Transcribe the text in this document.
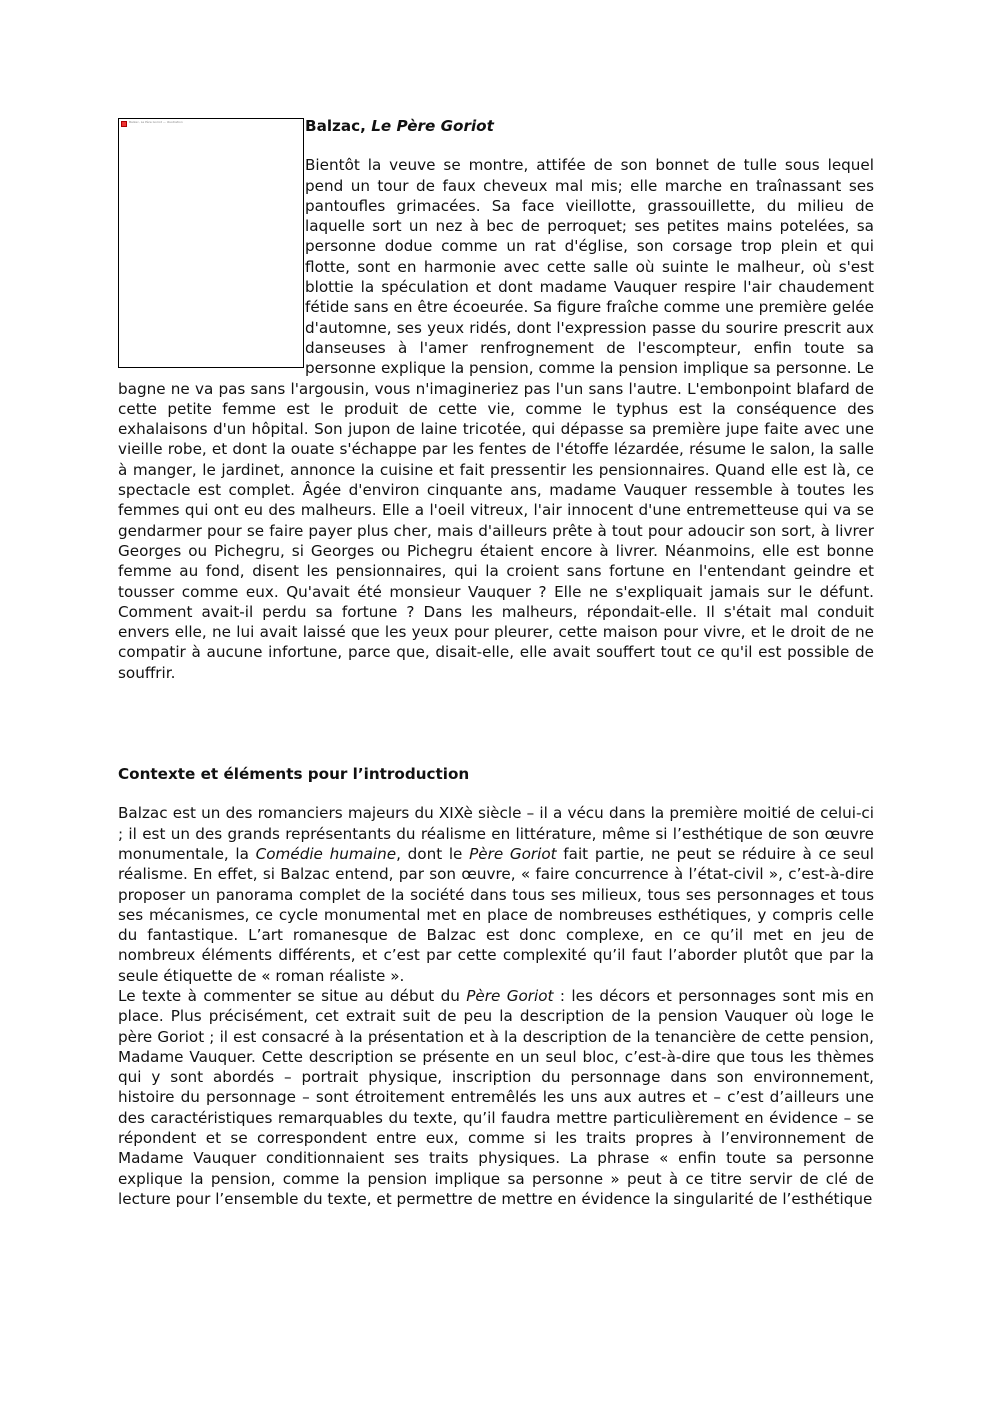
Balzac, Le Père Goriot — illustration	Balzac, Le Père Goriot

Bientôt la veuve se montre, attifée de son bonnet de tulle sous lequel pend un tour de faux cheveux mal mis; elle marche en traînassant ses pantoufles grimacées. Sa face vieillotte, grassouillette, du milieu de laquelle sort un nez à bec de perroquet; ses petites mains potelées, sa personne dodue comme un rat d'église, son corsage trop plein et qui flotte, sont en harmonie avec cette salle où suinte le malheur, où s'est blottie la spéculation et dont madame Vauquer respire l'air chaudement fétide sans en être écoeurée. Sa figure fraîche comme une première gelée d'automne, ses yeux ridés, dont l'expression passe du sourire prescrit aux danseuses à l'amer renfrognement de l'escompteur, enfin toute sa personne explique la pension, comme la pension implique sa personne. Le bagne ne va pas sans l'argousin, vous n'imagineriez pas l'un sans l'autre. L'embonpoint blafard de cette petite femme est le produit de cette vie, comme le typhus est la conséquence des exhalaisons d'un hôpital. Son jupon de laine tricotée, qui dépasse sa première jupe faite avec une vieille robe, et dont la ouate s'échappe par les fentes de l'étoffe lézardée, résume le salon, la salle à manger, le jardinet, annonce la cuisine et fait pressentir les pensionnaires. Quand elle est là, ce spectacle est complet. Âgée d'environ cinquante ans, madame Vauquer ressemble à toutes les femmes qui ont eu des malheurs. Elle a l'oeil vitreux, l'air innocent d'une entremetteuse qui va se gendarmer pour se faire payer plus cher, mais d'ailleurs prête à tout pour adoucir son sort, à livrer Georges ou Pichegru, si Georges ou Pichegru étaient encore à livrer. Néanmoins, elle est bonne femme au fond, disent les pensionnaires, qui la croient sans fortune en l'entendant geindre et tousser comme eux. Qu'avait été monsieur Vauquer ? Elle ne s'expliquait jamais sur le défunt. Comment avait-il perdu sa fortune ? Dans les malheurs, répondait-elle. Il s'était mal conduit envers elle, ne lui avait laissé que les yeux pour pleurer, cette maison pour vivre, et le droit de ne compatir à aucune infortune, parce que, disait-elle, elle avait souffert tout ce qu'il est possible de souffrir.

Contexte et éléments pour l’introduction

Balzac est un des romanciers majeurs du XIXè siècle – il a vécu dans la première moitié de celui-ci ; il est un des grands représentants du réalisme en littérature, même si l’esthétique de son œuvre monumentale, la Comédie humaine, dont le Père Goriot fait partie, ne peut se réduire à ce seul réalisme. En effet, si Balzac entend, par son œuvre, « faire concurrence à l’état-civil », c’est-à-dire proposer un panorama complet de la société dans tous ses milieux, tous ses personnages et tous ses mécanismes, ce cycle monumental met en place de nombreuses esthétiques, y compris celle du fantastique. L’art romanesque de Balzac est donc complexe, en ce qu’il met en jeu de nombreux éléments différents, et c’est par cette complexité qu’il faut l’aborder plutôt que par la seule étiquette de « roman réaliste ».

Le texte à commenter se situe au début du Père Goriot : les décors et personnages sont mis en place. Plus précisément, cet extrait suit de peu la description de la pension Vauquer où loge le père Goriot ; il est consacré à la présentation et à la description de la tenancière de cette pension, Madame Vauquer. Cette description se présente en un seul bloc, c’est-à-dire que tous les thèmes qui y sont abordés – portrait physique, inscription du personnage dans son environnement, histoire du personnage – sont étroitement entremêlés les uns aux autres et – c’est d’ailleurs une des caractéristiques remarquables du texte, qu’il faudra mettre particulièrement en évidence – se répondent et se correspondent entre eux, comme si les traits propres à l’environnement de Madame Vauquer conditionnaient ses traits physiques. La phrase « enfin toute sa personne explique la pension, comme la pension implique sa personne » peut à ce titre servir de clé de lecture pour l’ensemble du texte, et permettre de mettre en évidence la singularité de l’esthétique
